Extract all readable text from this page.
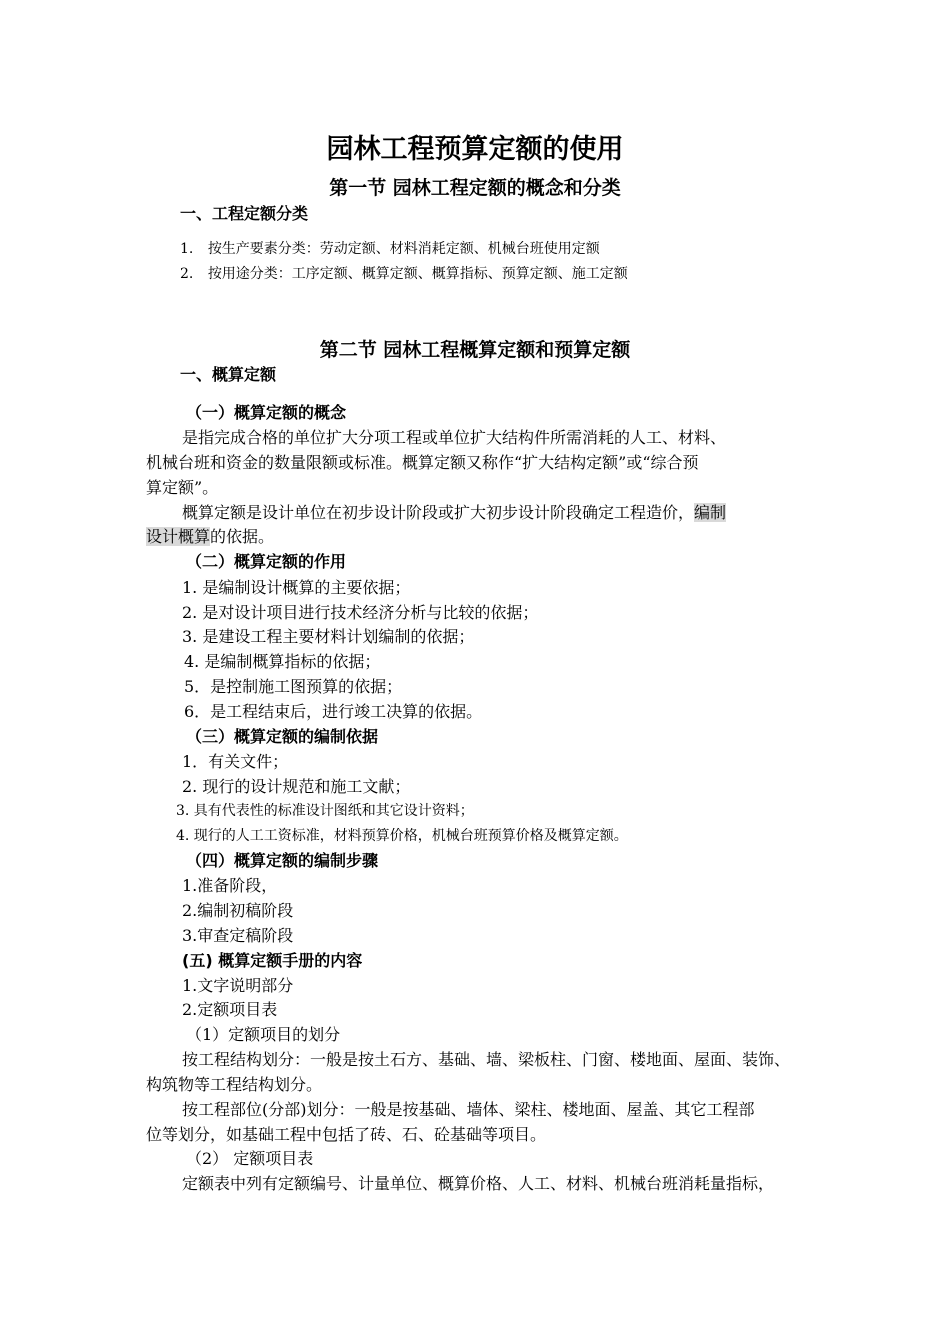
园林工程预算定额的使用
第一节 园林工程定额的概念和分类
一、工程定额分类
1. 按生产要素分类：劳动定额、材料消耗定额、机械台班使用定额
2. 按用途分类：工序定额、概算定额、概算指标、预算定额、施工定额
第二节 园林工程概算定额和预算定额
一、概算定额
（一）概算定额的概念
是指完成合格的单位扩大分项工程或单位扩大结构件所需消耗的人工、材料、
机械台班和资金的数量限额或标准。概算定额又称作“扩大结构定额”或“综合预
算定额”。
概算定额是设计单位在初步设计阶段或扩大初步设计阶段确定工程造价，编制
设计概算的依据。
（二）概算定额的作用
1. 是编制设计概算的主要依据；
2. 是对设计项目进行技术经济分析与比较的依据；
3. 是建设工程主要材料计划编制的依据；
4. 是编制概算指标的依据；
5．是控制施工图预算的依据；
6．是工程结束后，进行竣工决算的依据。
（三）概算定额的编制依据
1．有关文件；
2. 现行的设计规范和施工文献；
3. 具有代表性的标准设计图纸和其它设计资料；
4. 现行的人工工资标准，材料预算价格，机械台班预算价格及概算定额。
（四）概算定额的编制步骤
1.准备阶段，
2.编制初稿阶段
3.审查定稿阶段
(五) 概算定额手册的内容
1.文字说明部分
2.定额项目表
（1）定额项目的划分
按工程结构划分：一般是按土石方、基础、墙、梁板柱、门窗、楼地面、屋面、装饰、
构筑物等工程结构划分。
按工程部位(分部)划分：一般是按基础、墙体、梁柱、楼地面、屋盖、其它工程部
位等划分，如基础工程中包括了砖、石、砼基础等项目。
（2） 定额项目表
定额表中列有定额编号、计量单位、概算价格、人工、材料、机械台班消耗量指标，
